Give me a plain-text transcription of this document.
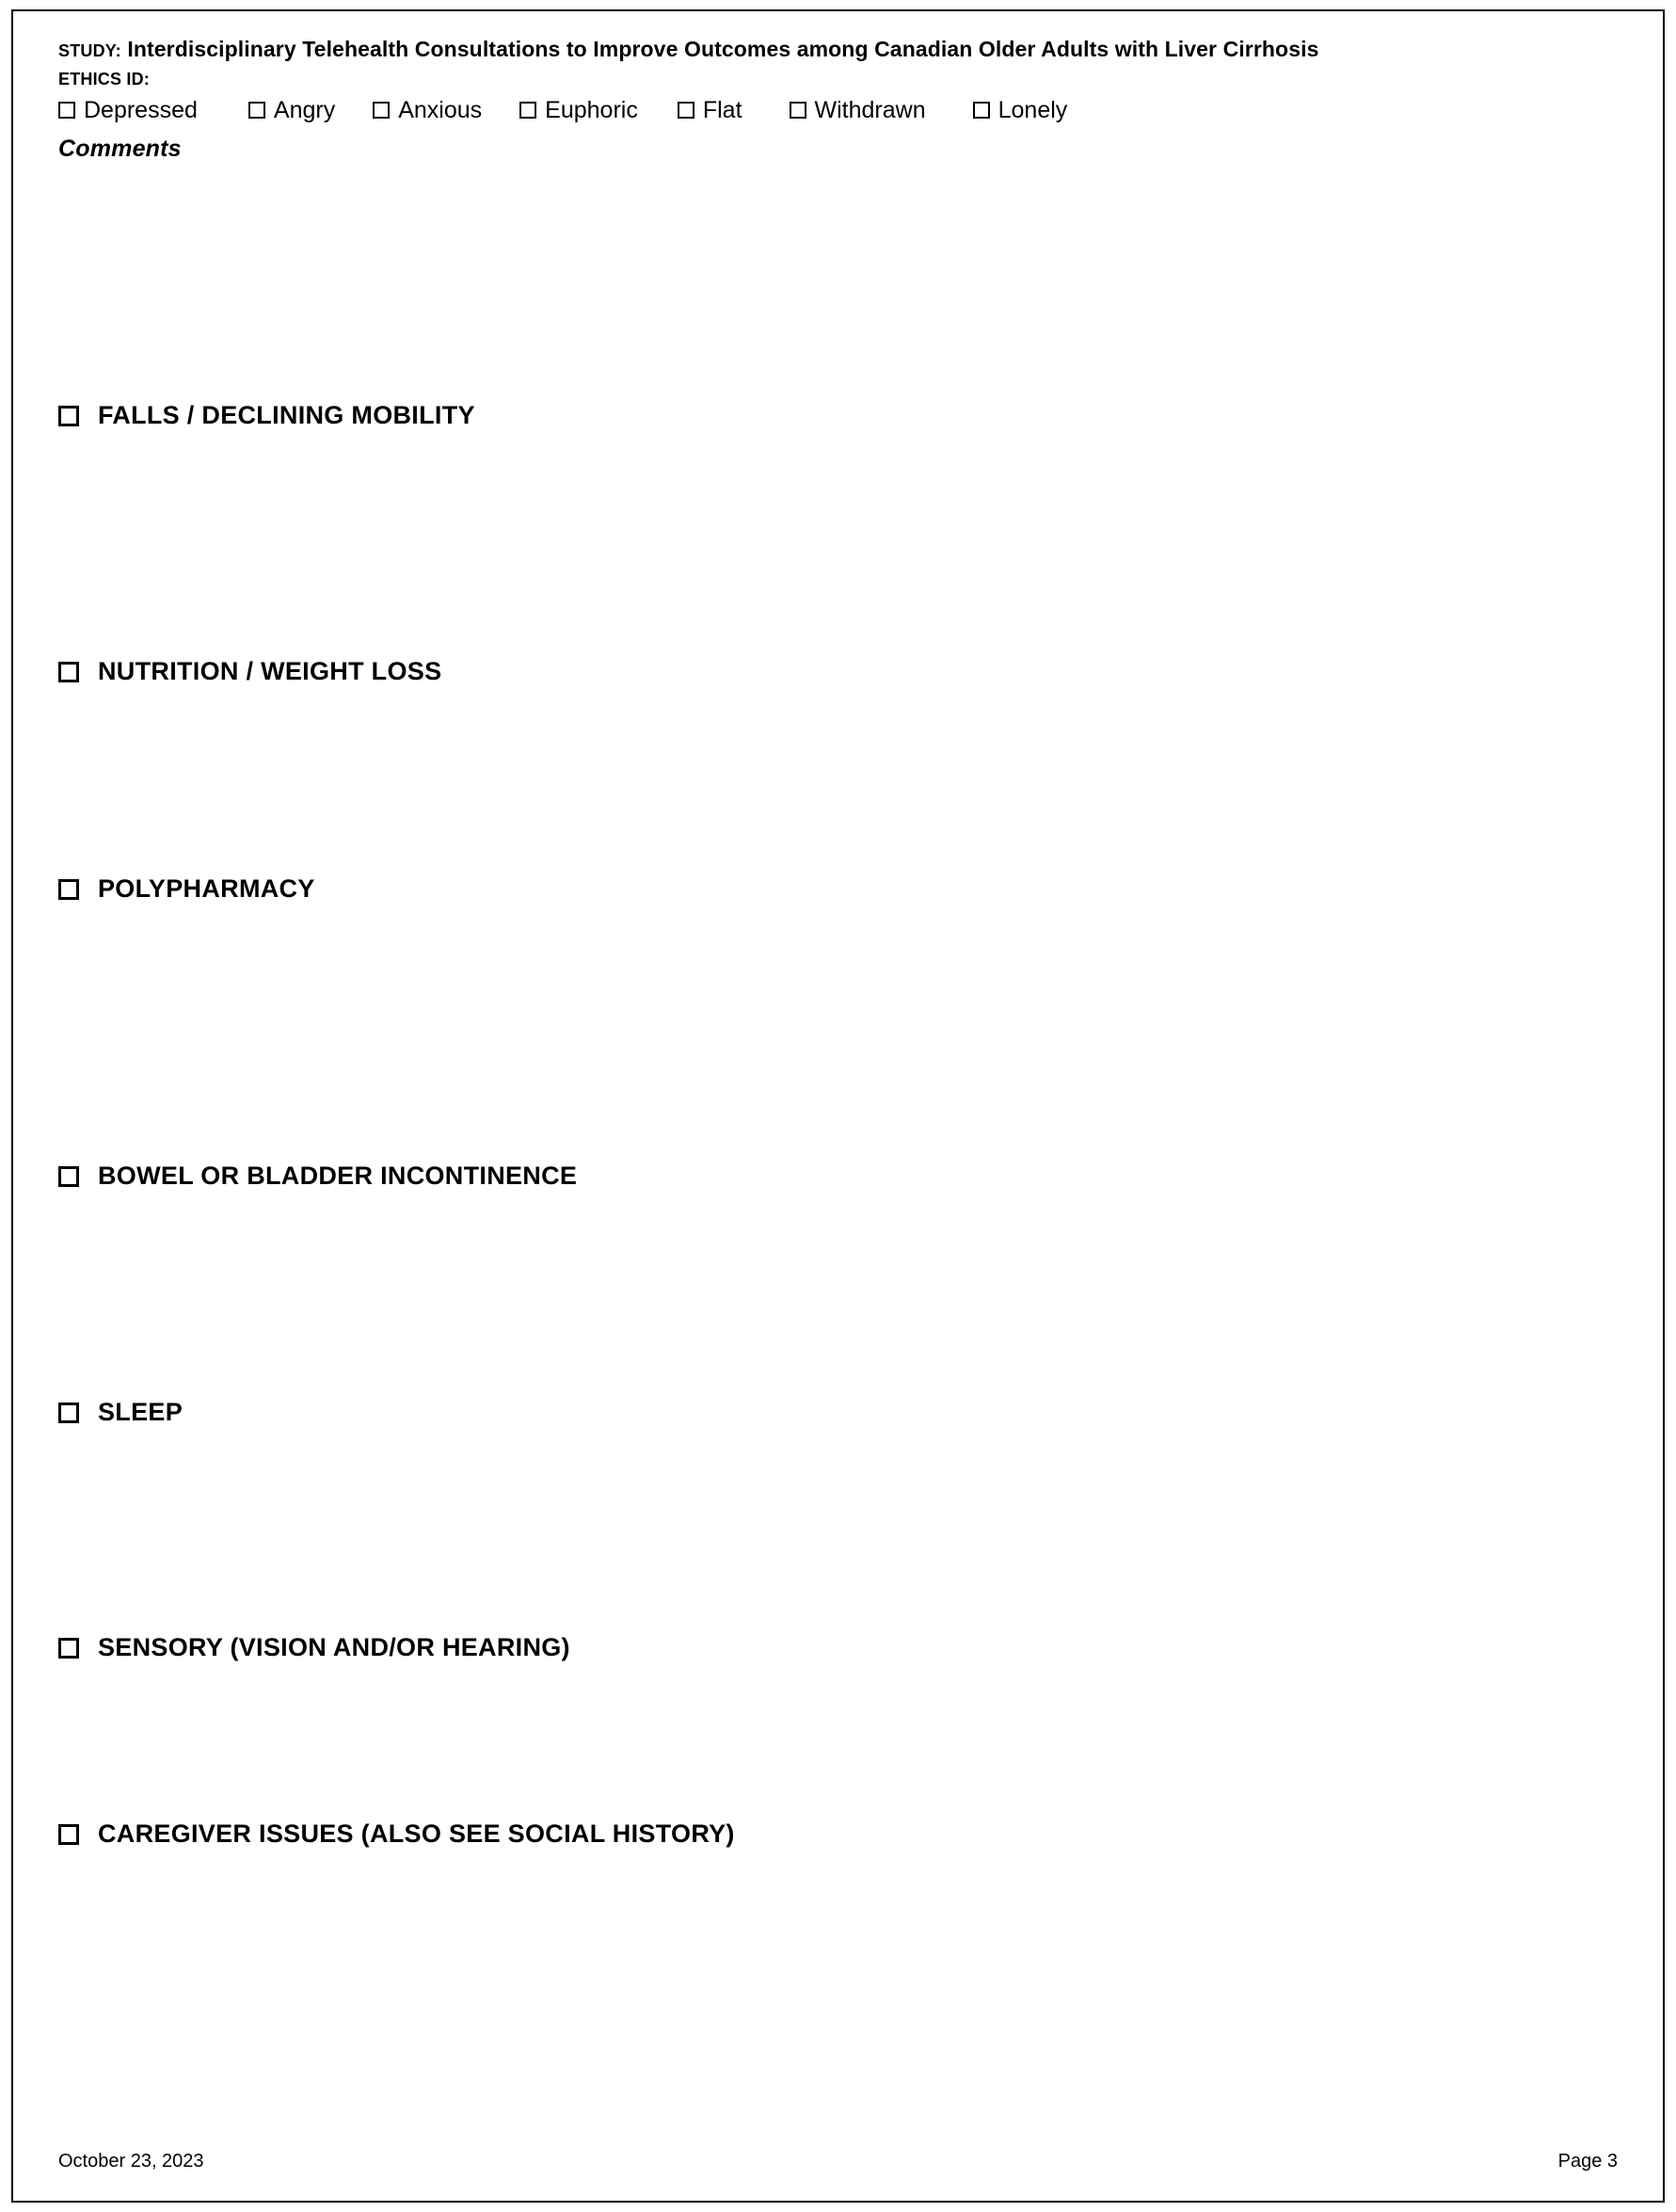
STUDY: Interdisciplinary Telehealth Consultations to Improve Outcomes among Canadian Older Adults with Liver Cirrhosis
ETHICS ID:
Depressed	Angry	Anxious	Euphoric	Flat	Withdrawn	Lonely
Comments
FALLS / DECLINING MOBILITY
NUTRITION / WEIGHT LOSS
POLYPHARMACY
BOWEL OR BLADDER INCONTINENCE
SLEEP
SENSORY (VISION AND/OR HEARING)
CAREGIVER ISSUES (ALSO SEE SOCIAL HISTORY)
October 23, 2023	Page 3
